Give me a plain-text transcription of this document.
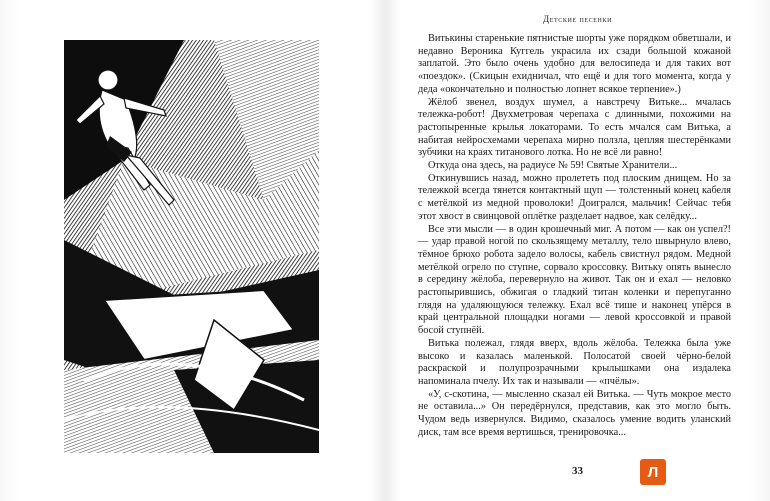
Детские песенки

Витькины старенькие пятнистые шорты уже порядком обветшали, и недавно Вероника Куггель украсила их сзади большой кожаной заплатой. Это было очень удобно для велосипеда и для таких вот «поездок». (Скицын ехидничал, что ещё и для того момента, когда у деда «окончательно и полностью лопнет всякое терпение».)

Жёлоб звенел, воздух шумел, а навстречу Витьке... мчалась тележка-робот! Двухметровая черепаха с длинными, похожими на растопыренные крылья локаторами. То есть мчался сам Витька, а набитая нейросхемами черепаха мирно ползла, цепляя шестерёнками зубчики на краях титанового лотка. Но не всё ли равно!

Откуда она здесь, на радиусе № 59! Святые Хранители...

Откинувшись назад, можно пролететь под плоским днищем. Но за тележкой всегда тянется контактный щуп — толстенный конец кабеля с метёлкой из медной проволоки! Доигрался, мальчик! Сейчас тебя этот хвост в свинцовой оплётке разделает надвое, как селёдку...

Все эти мысли — в один крошечный миг. А потом — как он успел?! — удар правой ногой по скользящему металлу, тело швырнуло влево, тёмное брюхо робота задело волосы, кабель свистнул рядом. Медной метёлкой огрело по ступне, сорвало кроссовку. Витьку опять вынесло в середину жёлоба, перевернуло на живот. Так он и ехал — неловко растопырившись, обжигая о гладкий титан коленки и перепуганно глядя на удаляющуюся тележку. Ехал всё тише и наконец упёрся в край центральной площадки ногами — левой кроссовкой и правой босой ступнёй.

Витька полежал, глядя вверх, вдоль жёлоба. Тележка была уже высоко и казалась маленькой. Полосатой своей чёрно-белой раскраской и полупрозрачными крылышками она издалека напоминала пчелу. Их так и называли — «пчёлы».

«У, с-скотина, — мысленно сказал ей Витька. — Чуть мокрое место не оставила...» Он передёрнулся, представив, как это могло быть. Чудом ведь извернулся. Видимо, сказалось умение водить уланский диск, там все время вертишься, тренировочка...

33	Л
